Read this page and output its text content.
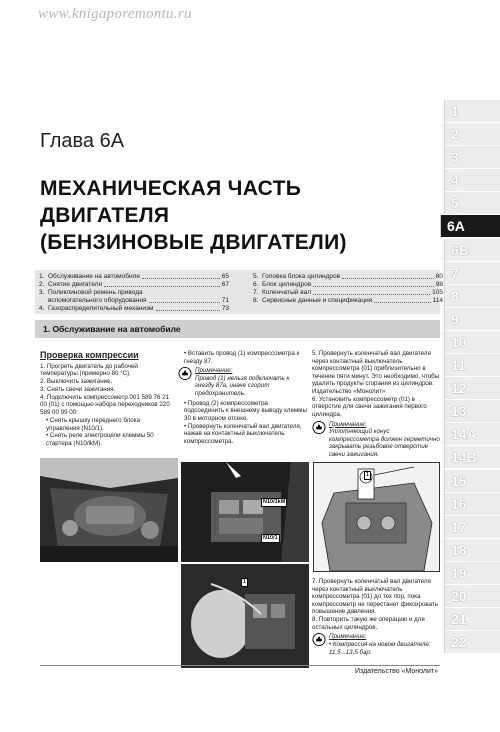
www.knigaporemontu.ru
1
2
3
4
5
6A
6B
7
8
9
10
11
12
13
14A
14B
15
16
17
18
19
20
21
22
Глава 6A
МЕХАНИЧЕСКАЯ ЧАСТЬ
ДВИГАТЕЛЯ
(БЕНЗИНОВЫЕ ДВИГАТЕЛИ)
1. Обслуживание на автомобиле	65
2. Снятие двигателя	67
3. Поликлиновой ремень привода
вспомогательного оборудования	71
4. Газораспределительный механизм	73
5. Головка блока цилиндров	80
6. Блок цилиндров	98
7. Коленчатый вал	105
8. Сервисные данные и спецификация	114
1. Обслуживание на автомобиле
Проверка компрессии
1. Прогреть двигатель до рабочей температуры (примерно 80 °С).
2. Выключить зажигание.
3. Снять свечи зажигания.
4. Подключить компрессометр 001 589 76 21 00 (01) с помощью набора переходников 220 589 00 99 00:
• Снять крышку переднего блока управления (N10/1).
• Снять реле электроцепи клеммы 50 стартера (N10/lkM).
• Вставить провод (1) компрессометра к гнезду 87.
Примечание:
Провод (1) нельзя подключать к гнезду 87a, иначе сгорит предохранитель.
• Провод (2) компрессометра подсоединить к внешнему выводу клеммы 30 в моторном отсеке.
• Провернуть коленчатый вал двигателя, нажав на контактный выключатель компрессометра.
5. Провернуть коленчатый вал двигателя через контактный выключатель компрессометра (01) приблизительно в течение пяти минут. Это необходимо, чтобы удалить продукты сгорания из цилиндров. Издательство «Монолит»
6. Установить компрессометр (01) в отверстие для свечи зажигания первого цилиндра.
Примечание:
Уплотняющий конус компрессометра должен герметично закрывать резьбовое отверстие свечи зажигания.
7. Провернуть коленчатый вал двигателя через контактный выключатель компрессометра (01) до тех пор, пока компрессометр не перестанет фиксировать повышение давления.
8. Повторить такую же операцию и для остальных цилиндров.
Примечание:
• Компрессия на новом двигателе: 11,5...13,5 бар.
N10/1kM
N10/1
1
1
Издательство «Монолит»
